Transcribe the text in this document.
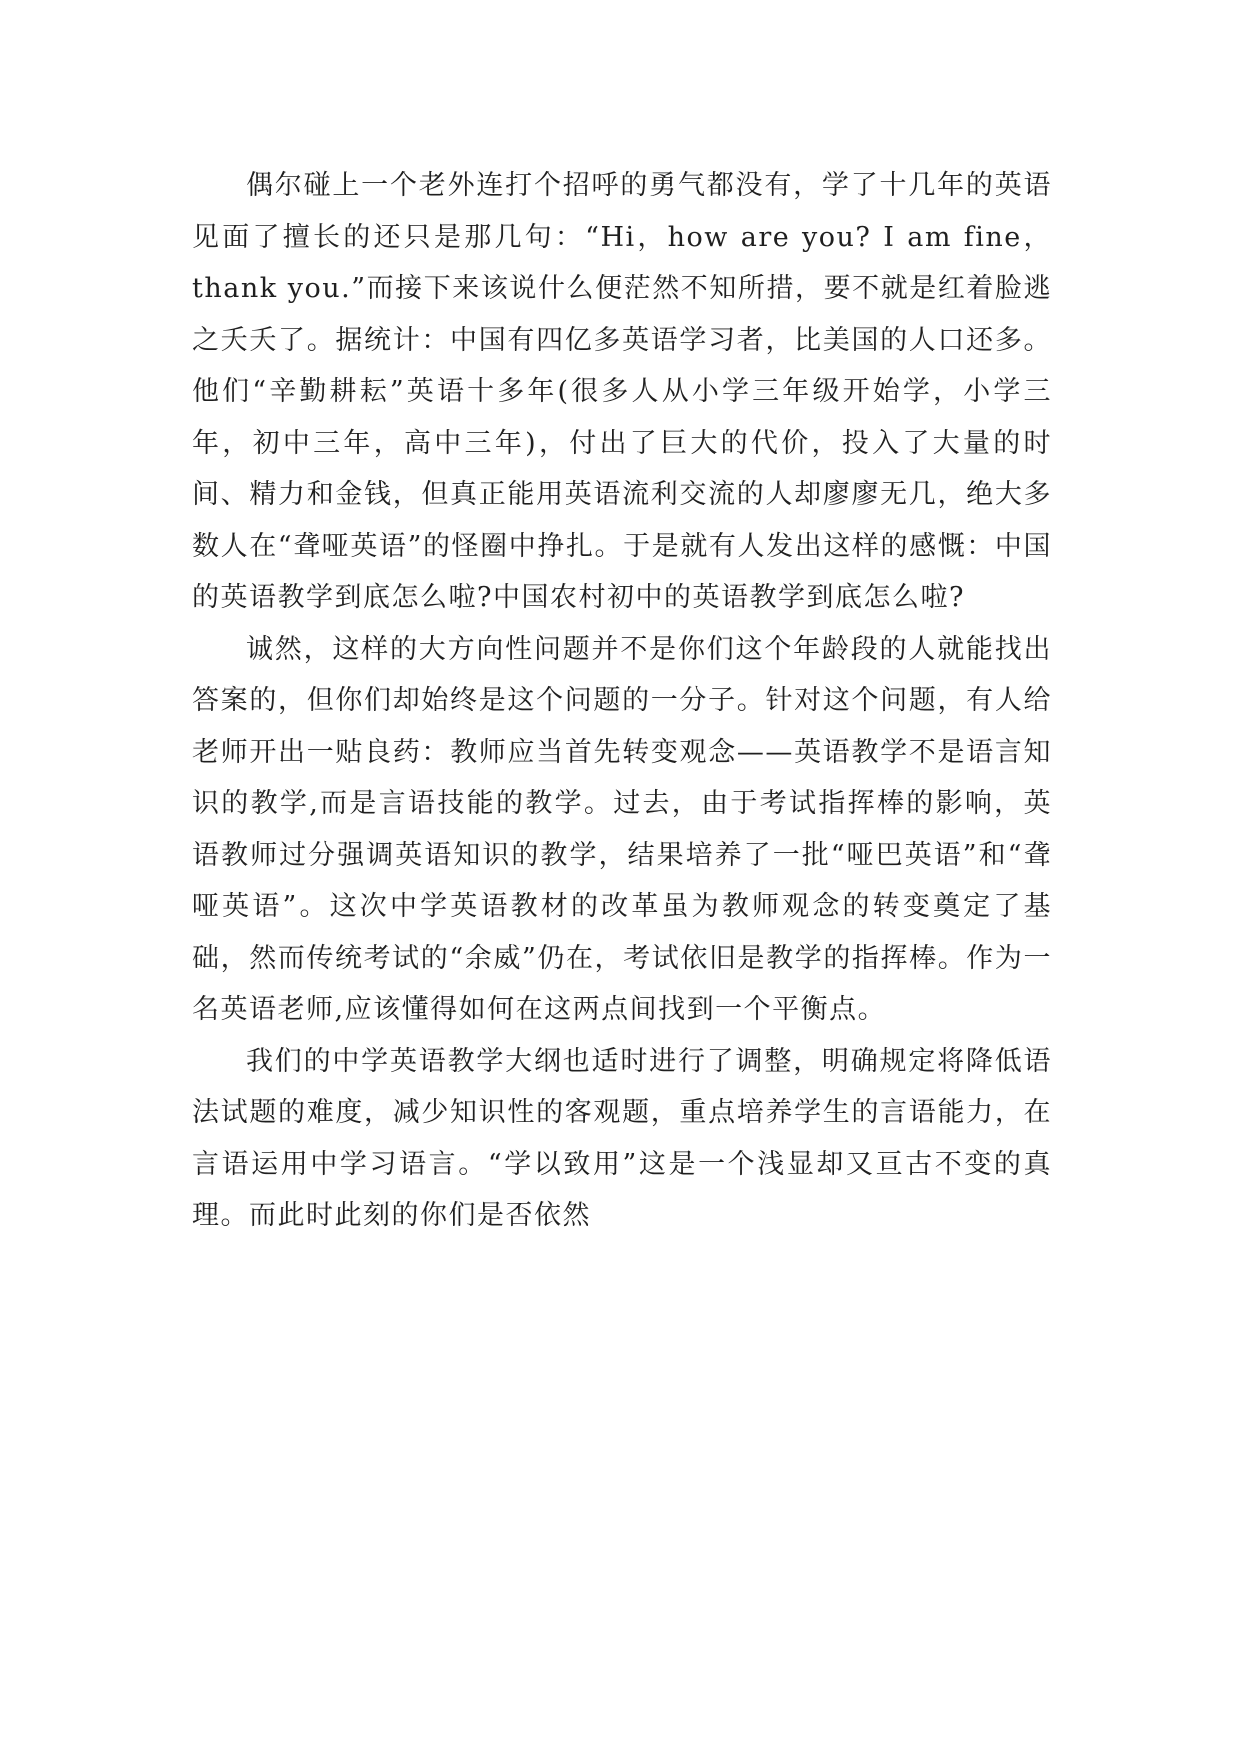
偶尔碰上一个老外连打个招呼的勇气都没有，学了十几年的英语见面了擅长的还只是那几句：“Hi，how are you? I am fine，thank you.”而接下来该说什么便茫然不知所措，要不就是红着脸逃之夭夭了。据统计：中国有四亿多英语学习者，比美国的人口还多。他们“辛勤耕耘”英语十多年(很多人从小学三年级开始学，小学三年，初中三年，高中三年)，付出了巨大的代价，投入了大量的时间、精力和金钱，但真正能用英语流利交流的人却廖廖无几，绝大多数人在“聋哑英语”的怪圈中挣扎。于是就有人发出这样的感慨：中国的英语教学到底怎么啦?中国农村初中的英语教学到底怎么啦?

诚然，这样的大方向性问题并不是你们这个年龄段的人就能找出答案的，但你们却始终是这个问题的一分子。针对这个问题，有人给老师开出一贴良药：教师应当首先转变观念——英语教学不是语言知识的教学,而是言语技能的教学。过去，由于考试指挥棒的影响，英语教师过分强调英语知识的教学，结果培养了一批“哑巴英语”和“聋哑英语”。这次中学英语教材的改革虽为教师观念的转变奠定了基础，然而传统考试的“余威”仍在，考试依旧是教学的指挥棒。作为一名英语老师,应该懂得如何在这两点间找到一个平衡点。

我们的中学英语教学大纲也适时进行了调整，明确规定将降低语法试题的难度，减少知识性的客观题，重点培养学生的言语能力，在言语运用中学习语言。“学以致用”这是一个浅显却又亘古不变的真理。而此时此刻的你们是否依然
